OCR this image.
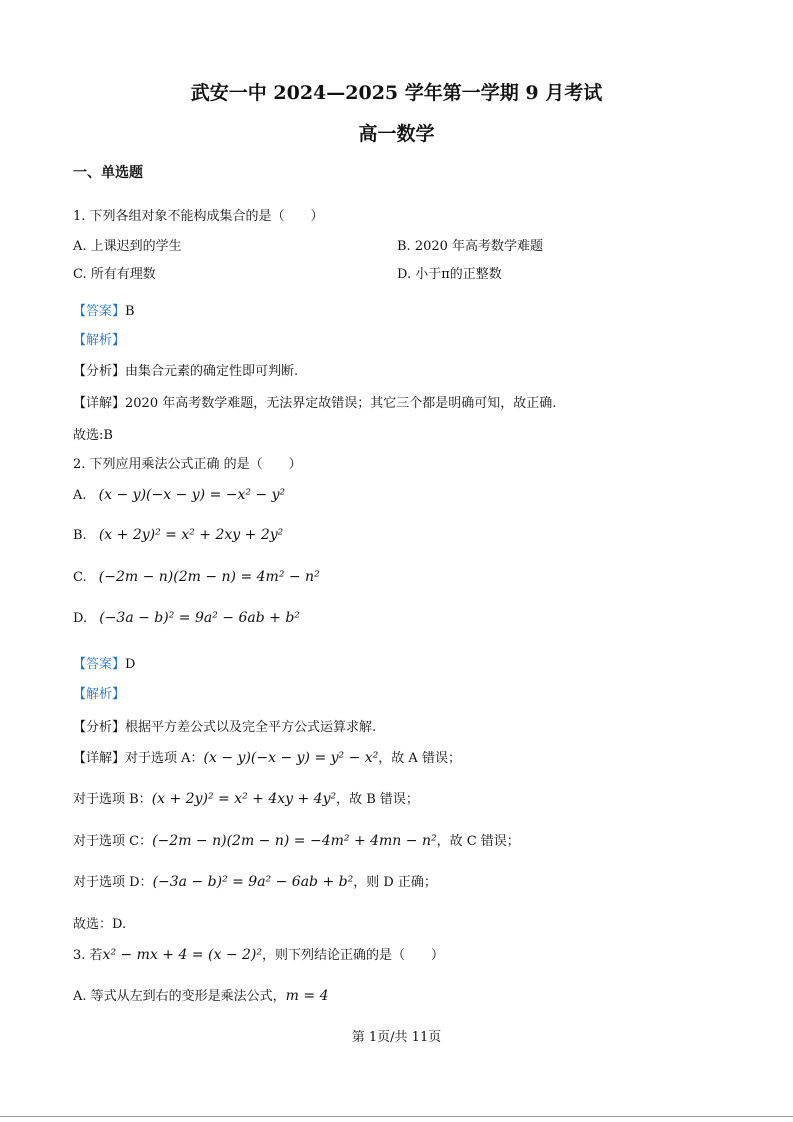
武安一中 2024—2025 学年第一学期 9 月考试
高一数学
一、单选题
1. 下列各组对象不能构成集合的是（　　）
A. 上课迟到的学生	B. 2020 年高考数学难题
C. 所有有理数	D. 小于π的正整数
【答案】B
【解析】
【分析】由集合元素的确定性即可判断.
【详解】2020 年高考数学难题，无法界定故错误；其它三个都是明确可知，故正确.
故选:B
2. 下列应用乘法公式正确 的是（　　）
A. (x − y)(−x − y) = −x² − y²
B. (x + 2y)² = x² + 2xy + 2y²
C. (−2m − n)(2m − n) = 4m² − n²
D. (−3a − b)² = 9a² − 6ab + b²
【答案】D
【解析】
【分析】根据平方差公式以及完全平方公式运算求解.
【详解】对于选项 A：(x − y)(−x − y) = y² − x²，故 A 错误；
对于选项 B：(x + 2y)² = x² + 4xy + 4y²，故 B 错误；
对于选项 C：(−2m − n)(2m − n) = −4m² + 4mn − n²，故 C 错误；
对于选项 D：(−3a − b)² = 9a² − 6ab + b²，则 D 正确；
故选：D.
3. 若x² − mx + 4 = (x − 2)²，则下列结论正确的是（　　）
A. 等式从左到右的变形是乘法公式，m = 4
第 1页/共 11页
